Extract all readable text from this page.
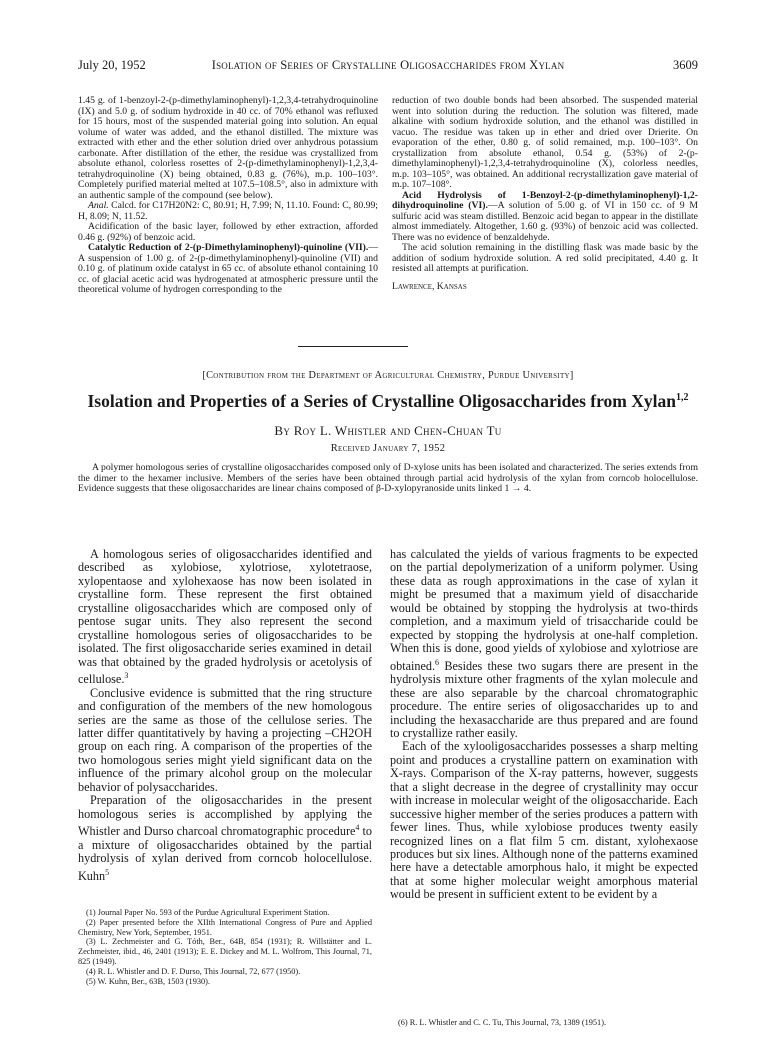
July 20, 1952	Isolation of Series of Crystalline Oligosaccharides from Xylan	3609

1.45 g. of 1-benzoyl-2-(p-dimethylaminophenyl)-1,2,3,4-tetrahydroquinoline (IX) and 5.0 g. of sodium hydroxide in 40 cc. of 70% ethanol was refluxed for 15 hours, most of the suspended material going into solution. An equal volume of water was added, and the ethanol distilled. The mixture was extracted with ether and the ether solution dried over anhydrous potassium carbonate. After distillation of the ether, the residue was crystallized from absolute ethanol, colorless rosettes of 2-(p-dimethylaminophenyl)-1,2,3,4-tetrahydroquinoline (X) being obtained, 0.83 g. (76%), m.p. 100–103°. Completely purified material melted at 107.5–108.5°, also in admixture with an authentic sample of the compound (see below).

Anal. Calcd. for C17H20N2: C, 80.91; H, 7.99; N, 11.10. Found: C, 80.99; H, 8.09; N, 11.52.

Acidification of the basic layer, followed by ether extraction, afforded 0.46 g. (92%) of benzoic acid.

Catalytic Reduction of 2-(p-Dimethylaminophenyl)-quinoline (VII).—A suspension of 1.00 g. of 2-(p-dimethylaminophenyl)-quinoline (VII) and 0.10 g. of platinum oxide catalyst in 65 cc. of absolute ethanol containing 10 cc. of glacial acetic acid was hydrogenated at atmospheric pressure until the theoretical volume of hydrogen corresponding to the

reduction of two double bonds had been absorbed. The suspended material went into solution during the reduction. The solution was filtered, made alkaline with sodium hydroxide solution, and the ethanol was distilled in vacuo. The residue was taken up in ether and dried over Drierite. On evaporation of the ether, 0.80 g. of solid remained, m.p. 100–103°. On crystallization from absolute ethanol, 0.54 g. (53%) of 2-(p-dimethylaminophenyl)-1,2,3,4-tetrahydroquinoline (X), colorless needles, m.p. 103–105°, was obtained. An additional recrystallization gave material of m.p. 107–108°.

Acid Hydrolysis of 1-Benzoyl-2-(p-dimethylaminophenyl)-1,2-dihydroquinoline (VI).—A solution of 5.00 g. of VI in 150 cc. of 9 M sulfuric acid was steam distilled. Benzoic acid began to appear in the distillate almost immediately. Altogether, 1.60 g. (93%) of benzoic acid was collected. There was no evidence of benzaldehyde.

The acid solution remaining in the distilling flask was made basic by the addition of sodium hydroxide solution. A red solid precipitated, 4.40 g. It resisted all attempts at purification.

Lawrence, Kansas

[Contribution from the Department of Agricultural Chemistry, Purdue University]
Isolation and Properties of a Series of Crystalline Oligosaccharides from Xylan$^{1,2}$
By Roy L. Whistler and Chen-Chuan Tu
Received January 7, 1952

A polymer homologous series of crystalline oligosaccharides composed only of D-xylose units has been isolated and characterized. The series extends from the dimer to the hexamer inclusive. Members of the series have been obtained through partial acid hydrolysis of the xylan from corncob holocellulose. Evidence suggests that these oligosaccharides are linear chains composed of β-D-xylopyranoside units linked 1 → 4.

A homologous series of oligosaccharides identified and described as xylobiose, xylotriose, xylotetraose, xylopentaose and xylohexaose has now been isolated in crystalline form. These represent the first obtained crystalline oligosaccharides which are composed only of pentose sugar units. They also represent the second crystalline homologous series of oligosaccharides to be isolated. The first oligosaccharide series examined in detail was that obtained by the graded hydrolysis or acetolysis of cellulose.$^3$

Conclusive evidence is submitted that the ring structure and configuration of the members of the new homologous series are the same as those of the cellulose series. The latter differ quantitatively by having a projecting –CH2OH group on each ring. A comparison of the properties of the two homologous series might yield significant data on the influence of the primary alcohol group on the molecular behavior of polysaccharides.

Preparation of the oligosaccharides in the present homologous series is accomplished by applying the Whistler and Durso charcoal chromatographic procedure$^4$ to a mixture of oligosaccharides obtained by the partial hydrolysis of xylan derived from corncob holocellulose. Kuhn$^5$

(1) Journal Paper No. 593 of the Purdue Agricultural Experiment Station.

(2) Paper presented before the XIIth International Congress of Pure and Applied Chemistry, New York, September, 1951.

(3) L. Zechmeister and G. Tóth, Ber., 64B, 854 (1931); R. Willstätter and L. Zechmeister, ibid., 46, 2401 (1913); E. E. Dickey and M. L. Wolfrom, This Journal, 71, 825 (1949).

(4) R. L. Whistler and D. F. Durso, This Journal, 72, 677 (1950).

(5) W. Kuhn, Ber., 63B, 1503 (1930).

has calculated the yields of various fragments to be expected on the partial depolymerization of a uniform polymer. Using these data as rough approximations in the case of xylan it might be presumed that a maximum yield of disaccharide would be obtained by stopping the hydrolysis at two-thirds completion, and a maximum yield of trisaccharide could be expected by stopping the hydrolysis at one-half completion. When this is done, good yields of xylobiose and xylotriose are obtained.$^6$ Besides these two sugars there are present in the hydrolysis mixture other fragments of the xylan molecule and these are also separable by the charcoal chromatographic procedure. The entire series of oligosaccharides up to and including the hexasaccharide are thus prepared and are found to crystallize rather easily.

Each of the xylooligosaccharides possesses a sharp melting point and produces a crystalline pattern on examination with X-rays. Comparison of the X-ray patterns, however, suggests that a slight decrease in the degree of crystallinity may occur with increase in molecular weight of the oligosaccharide. Each successive higher member of the series produces a pattern with fewer lines. Thus, while xylobiose produces twenty easily recognized lines on a flat film 5 cm. distant, xylohexaose produces but six lines. Although none of the patterns examined here have a detectable amorphous halo, it might be expected that at some higher molecular weight amorphous material would be present in sufficient extent to be evident by a

(6) R. L. Whistler and C. C. Tu, This Journal, 73, 1389 (1951).
